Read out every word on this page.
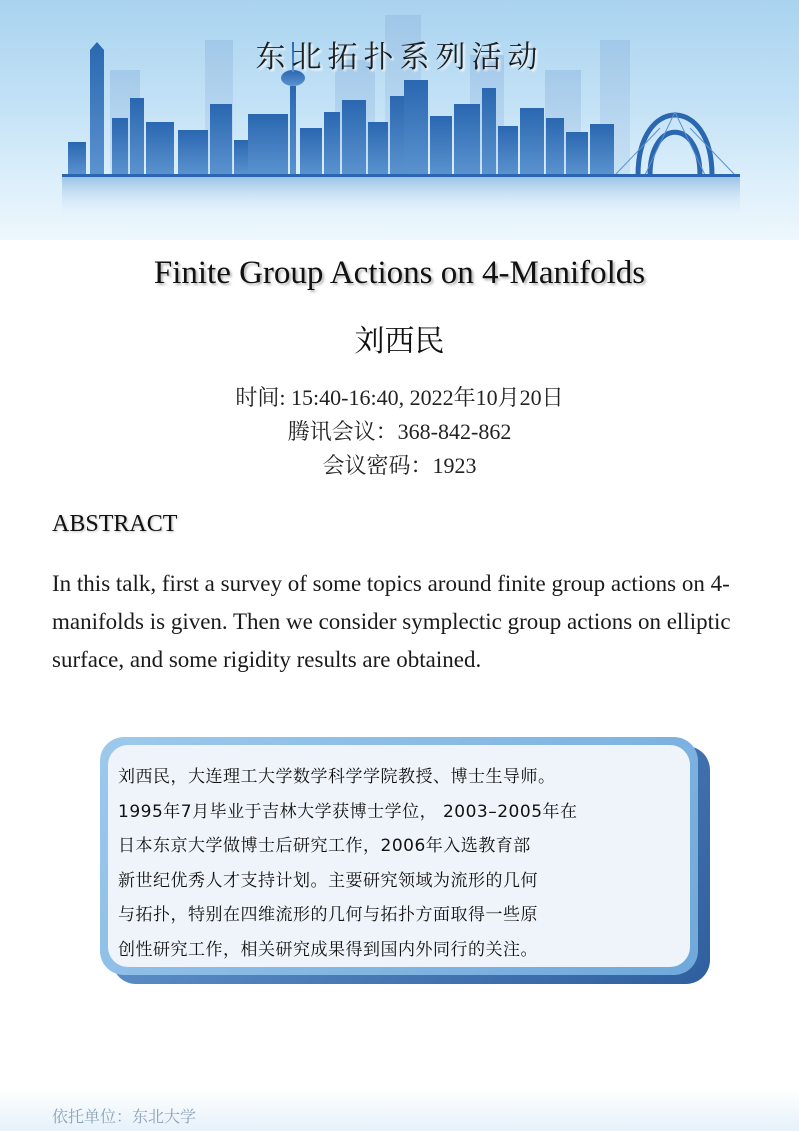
东北拓扑系列活动
Finite Group Actions on 4-Manifolds
刘西民
时间: 15:40-16:40, 2022年10月20日
腾讯会议：368-842-862
会议密码：1923
ABSTRACT
In this talk, first a survey of some topics around finite group actions on 4-manifolds is given. Then we consider symplectic group actions on elliptic surface, and some rigidity results are obtained.
刘西民，大连理工大学数学科学学院教授、博士生导师。
1995年7月毕业于吉林大学获博士学位， 2003–2005年在
日本东京大学做博士后研究工作，2006年入选教育部
新世纪优秀人才支持计划。主要研究领域为流形的几何
与拓扑，特别在四维流形的几何与拓扑方面取得一些原
创性研究工作，相关研究成果得到国内外同行的关注。
依托单位：东北大学
